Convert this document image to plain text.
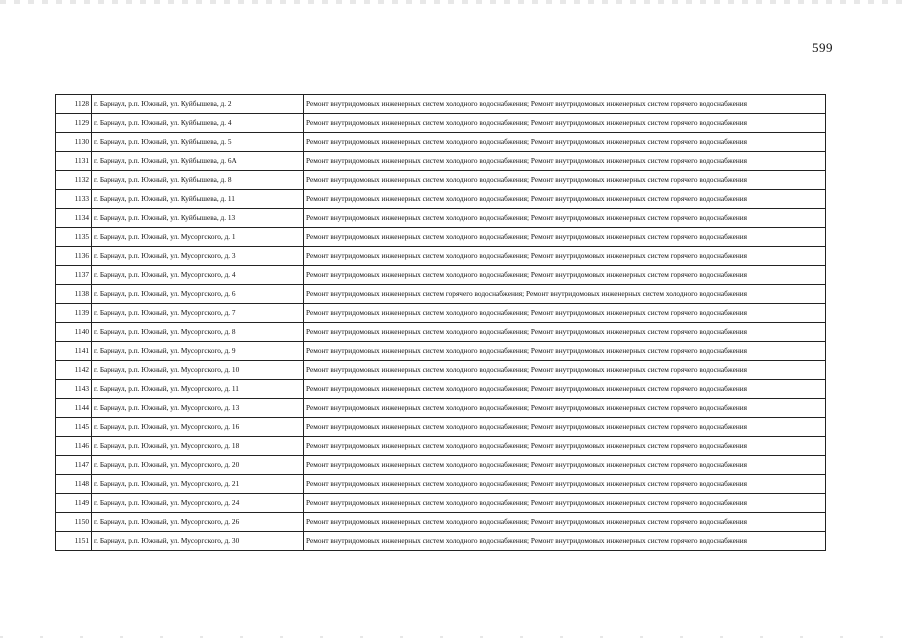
599
1128	г. Барнаул, р.п. Южный, ул. Куйбышева, д. 2	Ремонт внутридомовых инженерных систем холодного водоснабжения; Ремонт внутридомовых инженерных систем горячего водоснабжения
1129	г. Барнаул, р.п. Южный, ул. Куйбышева, д. 4	Ремонт внутридомовых инженерных систем холодного водоснабжения; Ремонт внутридомовых инженерных систем горячего водоснабжения
1130	г. Барнаул, р.п. Южный, ул. Куйбышева, д. 5	Ремонт внутридомовых инженерных систем холодного водоснабжения; Ремонт внутридомовых инженерных систем горячего водоснабжения
1131	г. Барнаул, р.п. Южный, ул. Куйбышева, д. 6А	Ремонт внутридомовых инженерных систем холодного водоснабжения; Ремонт внутридомовых инженерных систем горячего водоснабжения
1132	г. Барнаул, р.п. Южный, ул. Куйбышева, д. 8	Ремонт внутридомовых инженерных систем холодного водоснабжения; Ремонт внутридомовых инженерных систем горячего водоснабжения
1133	г. Барнаул, р.п. Южный, ул. Куйбышева, д. 11	Ремонт внутридомовых инженерных систем холодного водоснабжения; Ремонт внутридомовых инженерных систем горячего водоснабжения
1134	г. Барнаул, р.п. Южный, ул. Куйбышева, д. 13	Ремонт внутридомовых инженерных систем холодного водоснабжения; Ремонт внутридомовых инженерных систем горячего водоснабжения
1135	г. Барнаул, р.п. Южный, ул. Мусоргского, д. 1	Ремонт внутридомовых инженерных систем холодного водоснабжения; Ремонт внутридомовых инженерных систем горячего водоснабжения
1136	г. Барнаул, р.п. Южный, ул. Мусоргского, д. 3	Ремонт внутридомовых инженерных систем холодного водоснабжения; Ремонт внутридомовых инженерных систем горячего водоснабжения
1137	г. Барнаул, р.п. Южный, ул. Мусоргского, д. 4	Ремонт внутридомовых инженерных систем холодного водоснабжения; Ремонт внутридомовых инженерных систем горячего водоснабжения
1138	г. Барнаул, р.п. Южный, ул. Мусоргского, д. 6	Ремонт внутридомовых инженерных систем горячего водоснабжения; Ремонт внутридомовых инженерных систем холодного водоснабжения
1139	г. Барнаул, р.п. Южный, ул. Мусоргского, д. 7	Ремонт внутридомовых инженерных систем холодного водоснабжения; Ремонт внутридомовых инженерных систем горячего водоснабжения
1140	г. Барнаул, р.п. Южный, ул. Мусоргского, д. 8	Ремонт внутридомовых инженерных систем холодного водоснабжения; Ремонт внутридомовых инженерных систем горячего водоснабжения
1141	г. Барнаул, р.п. Южный, ул. Мусоргского, д. 9	Ремонт внутридомовых инженерных систем холодного водоснабжения; Ремонт внутридомовых инженерных систем горячего водоснабжения
1142	г. Барнаул, р.п. Южный, ул. Мусоргского, д. 10	Ремонт внутридомовых инженерных систем холодного водоснабжения; Ремонт внутридомовых инженерных систем горячего водоснабжения
1143	г. Барнаул, р.п. Южный, ул. Мусоргского, д. 11	Ремонт внутридомовых инженерных систем холодного водоснабжения; Ремонт внутридомовых инженерных систем горячего водоснабжения
1144	г. Барнаул, р.п. Южный, ул. Мусоргского, д. 13	Ремонт внутридомовых инженерных систем холодного водоснабжения; Ремонт внутридомовых инженерных систем горячего водоснабжения
1145	г. Барнаул, р.п. Южный, ул. Мусоргского, д. 16	Ремонт внутридомовых инженерных систем холодного водоснабжения; Ремонт внутридомовых инженерных систем горячего водоснабжения
1146	г. Барнаул, р.п. Южный, ул. Мусоргского, д. 18	Ремонт внутридомовых инженерных систем холодного водоснабжения; Ремонт внутридомовых инженерных систем горячего водоснабжения
1147	г. Барнаул, р.п. Южный, ул. Мусоргского, д. 20	Ремонт внутридомовых инженерных систем холодного водоснабжения; Ремонт внутридомовых инженерных систем горячего водоснабжения
1148	г. Барнаул, р.п. Южный, ул. Мусоргского, д. 21	Ремонт внутридомовых инженерных систем холодного водоснабжения; Ремонт внутридомовых инженерных систем горячего водоснабжения
1149	г. Барнаул, р.п. Южный, ул. Мусоргского, д. 24	Ремонт внутридомовых инженерных систем холодного водоснабжения; Ремонт внутридомовых инженерных систем горячего водоснабжения
1150	г. Барнаул, р.п. Южный, ул. Мусоргского, д. 26	Ремонт внутридомовых инженерных систем холодного водоснабжения; Ремонт внутридомовых инженерных систем горячего водоснабжения
1151	г. Барнаул, р.п. Южный, ул. Мусоргского, д. 30	Ремонт внутридомовых инженерных систем холодного водоснабжения; Ремонт внутридомовых инженерных систем горячего водоснабжения
